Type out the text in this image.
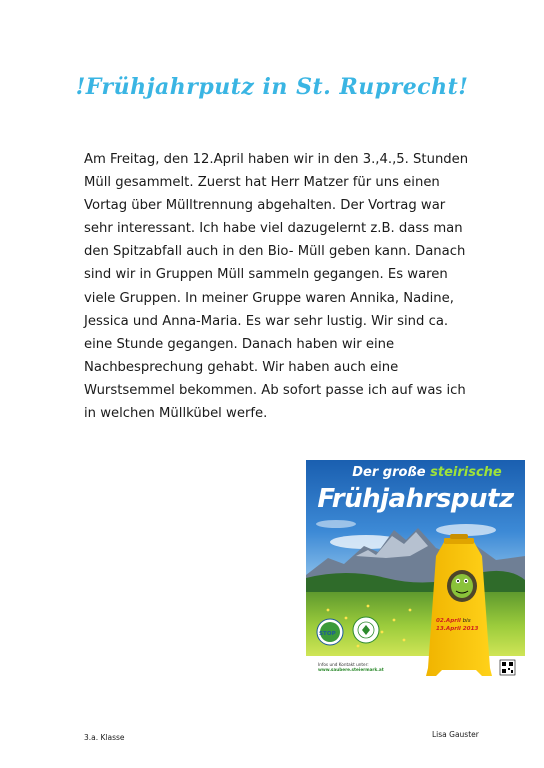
!Frühjahrputz in St. Ruprecht!
Am Freitag, den 12.April haben wir in den 3.,4.,5. Stunden
Müll gesammelt. Zuerst hat Herr Matzer für uns einen
Vortag über Mülltrennung abgehalten. Der Vortrag war
sehr interessant. Ich habe viel dazugelernt z.B. dass man
den Spitzabfall auch in den Bio- Müll geben kann. Danach
sind wir in Gruppen Müll sammeln gegangen. Es waren
viele Gruppen. In meiner Gruppe waren Annika, Nadine,
Jessica und Anna-Maria. Es war sehr lustig. Wir sind ca.
eine Stunde gegangen. Danach haben wir eine
Nachbesprechung gehabt. Wir haben auch eine
Wurstsemmel bekommen. Ab sofort passe ich auf was ich
in welchen Müllkübel werfe.
Der große steirische
Frühjahrsputz
02.April bis
13.April 2013
STOP
Infos und Kontakt unter:
www.saubere.steiermark.at
3.a. Klasse	Lisa Gauster
